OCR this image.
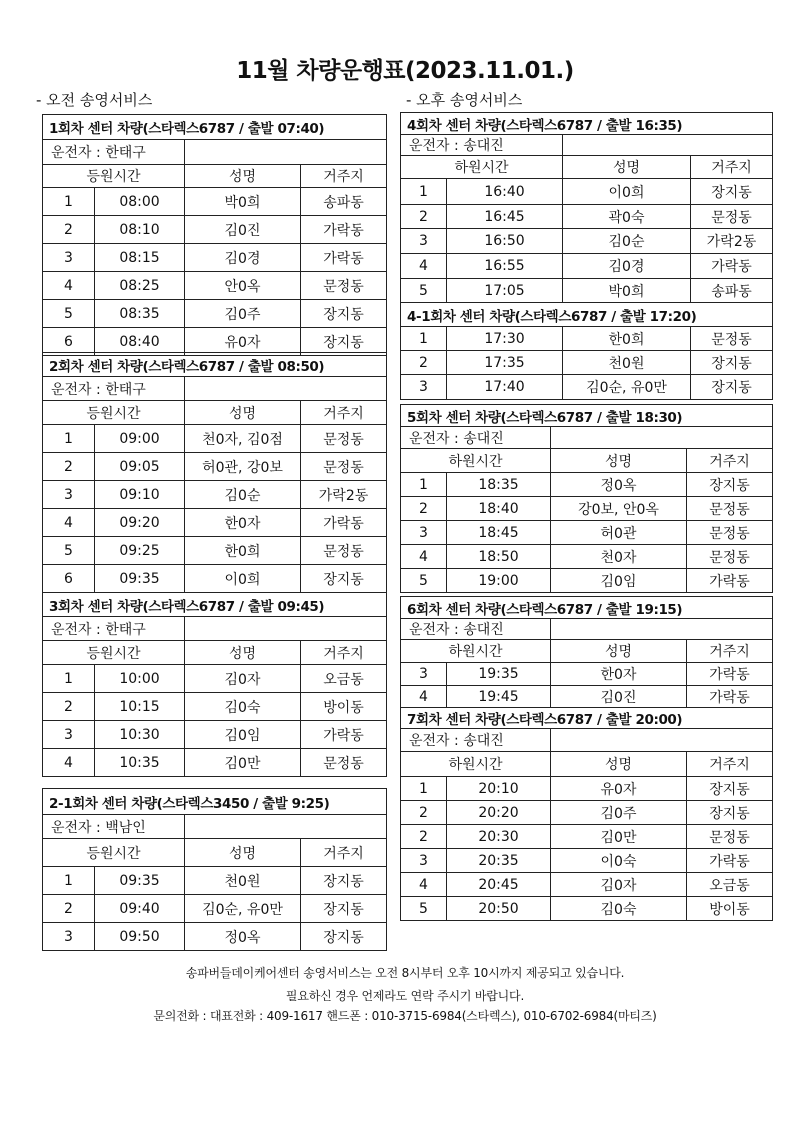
11월 차량운행표(2023.11.01.)
- 오전 송영서비스	- 오후 송영서비스
1회차 센터 차량(스타렉스6787 / 출발 07:40)			
운전자 : 한태구			
등원시간		성명	거주지
1	08:00	박0희	송파동
2	08:10	김0진	가락동
3	08:15	김0경	가락동
4	08:25	안0옥	문정동
5	08:35	김0주	장지동
6	08:40	유0자	장지동
2회차 센터 차량(스타렉스6787 / 출발 08:50)			
운전자 : 한태구			
등원시간		성명	거주지
1	09:00	천0자, 김0점	문정동
2	09:05	허0관, 강0보	문정동
3	09:10	김0순	가락2동
4	09:20	한0자	가락동
5	09:25	한0희	문정동
6	09:35	이0희	장지동
3회차 센터 차량(스타렉스6787 / 출발 09:45)			
운전자 : 한태구			
등원시간		성명	거주지
1	10:00	김0자	오금동
2	10:15	김0숙	방이동
3	10:30	김0임	가락동
4	10:35	김0만	문정동
2-1회차 센터 차량(스타렉스3450 / 출발 9:25)			
운전자 : 백남인			
등원시간		성명	거주지
1	09:35	천0원	장지동
2	09:40	김0순, 유0만	장지동
3	09:50	정0옥	장지동
4회차 센터 차량(스타렉스6787 / 출발 16:35)			
운전자 : 송대진			
하원시간		성명	거주지
1	16:40	이0희	장지동
2	16:45	곽0숙	문정동
3	16:50	김0순	가락2동
4	16:55	김0경	가락동
5	17:05	박0희	송파동
4-1회차 센터 차량(스타렉스6787 / 출발 17:20)			
1	17:30	한0희	문정동
2	17:35	천0원	장지동
3	17:40	김0순, 유0만	장지동
5회차 센터 차량(스타렉스6787 / 출발 18:30)			
운전자 : 송대진			
하원시간		성명	거주지
1	18:35	정0옥	장지동
2	18:40	강0보, 안0옥	문정동
3	18:45	허0관	문정동
4	18:50	천0자	문정동
5	19:00	김0임	가락동
6회차 센터 차량(스타렉스6787 / 출발 19:15)			
운전자 : 송대진			
하원시간		성명	거주지
3	19:35	한0자	가락동
4	19:45	김0진	가락동
7회차 센터 차량(스타렉스6787 / 출발 20:00)			
운전자 : 송대진			
하원시간		성명	거주지
1	20:10	유0자	장지동
2	20:20	김0주	장지동
2	20:30	김0만	문정동
3	20:35	이0숙	가락동
4	20:45	김0자	오금동
5	20:50	김0숙	방이동
송파버들데이케어센터 송영서비스는 오전 8시부터 오후 10시까지 제공되고 있습니다.
필요하신 경우 언제라도 연락 주시기 바랍니다.
문의전화 : 대표전화 : 409-1617 핸드폰 : 010-3715-6984(스타렉스), 010-6702-6984(마티즈)
